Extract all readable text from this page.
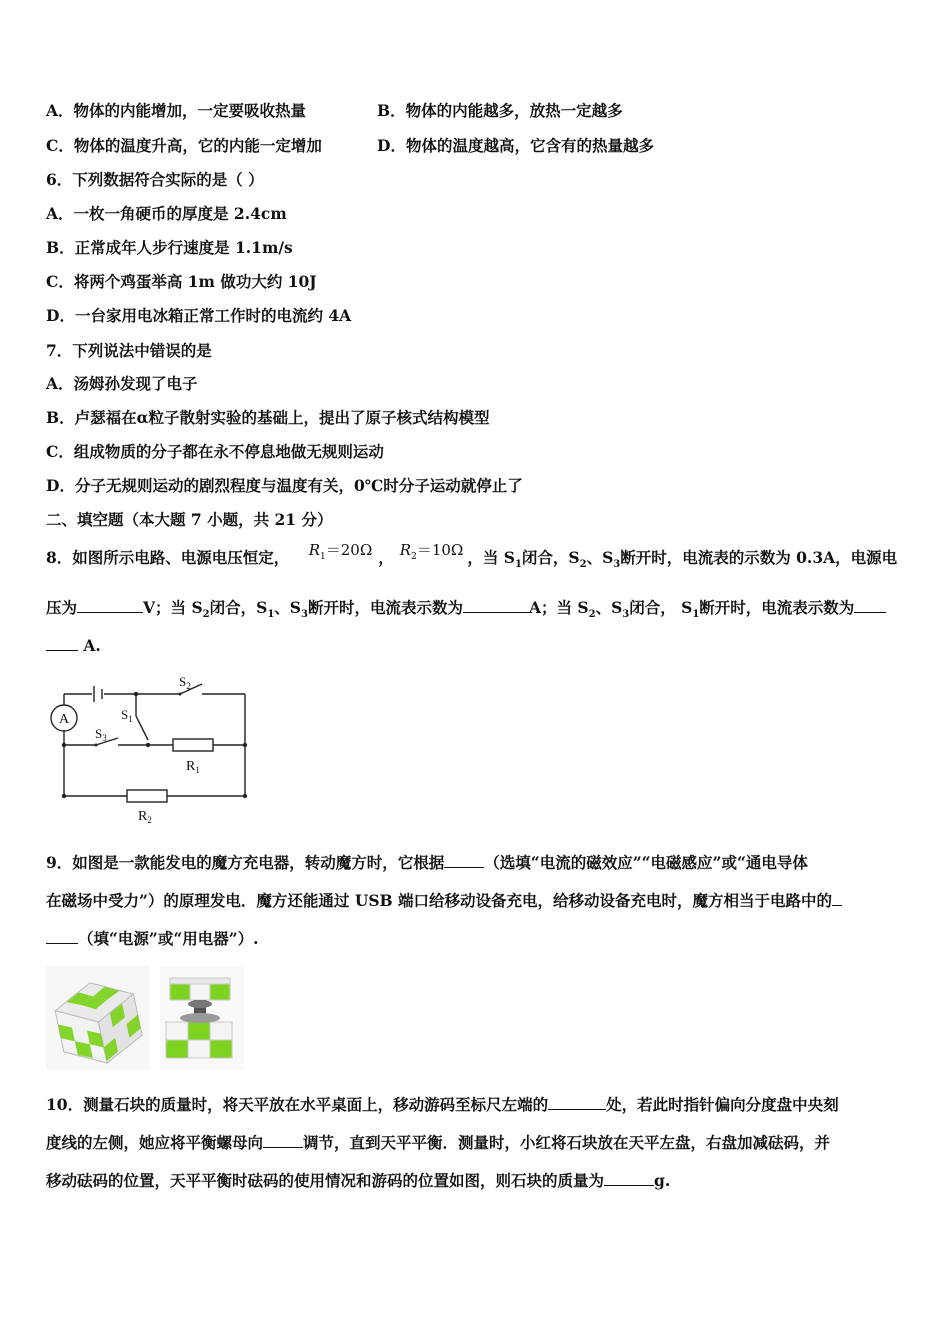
A．物体的内能增加，一定要吸收热量	B．物体的内能越多，放热一定越多
C．物体的温度升高，它的内能一定增加	D．物体的温度越高，它含有的热量越多
6．下列数据符合实际的是（ ）
A．一枚一角硬币的厚度是 2.4cm
B．正常成年人步行速度是 1.1m/s
C．将两个鸡蛋举高 1m 做功大约 10J
D．一台家用电冰箱正常工作时的电流约 4A
7．下列说法中错误的是
A．汤姆孙发现了电子
B．卢瑟福在α粒子散射实验的基础上，提出了原子核式结构模型
C．组成物质的分子都在永不停息地做无规则运动
D．分子无规则运动的剧烈程度与温度有关，0℃时分子运动就停止了
二、填空题（本大题 7 小题，共 21 分）
8．如图所示电路、电源电压恒定， $R_1=20\Omega$ ， $R_2=10\Omega$ ，当 $S_1$闭合，$S_2$、$S_3$断开时，电流表的示数为 0.3A，电源电
压为	V；当 $S_2$闭合，$S_1$、$S_3$断开时，电流表示数为	A；当 $S_2$、$S_3$闭合， $S_1$断开时，电流表示数为
A.
A
$S_2$
$S_1$
$S_3$
$R_1$
$R_2$
9．如图是一款能发电的魔方充电器，转动魔方时，它根据	（选填“电流的磁效应”“电磁感应”或“通电导体
在磁场中受力”）的原理发电．魔方还能通过 USB 端口给移动设备充电，给移动设备充电时，魔方相当于电路中的
（填“电源”或“用电器”）.
10．测量石块的质量时，将天平放在水平桌面上，移动游码至标尺左端的	处，若此时指针偏向分度盘中央刻
度线的左侧，她应将平衡螺母向	调节，直到天平平衡．测量时，小红将石块放在天平左盘，右盘加减砝码，并
移动砝码的位置，天平平衡时砝码的使用情况和游码的位置如图，则石块的质量为	g.
